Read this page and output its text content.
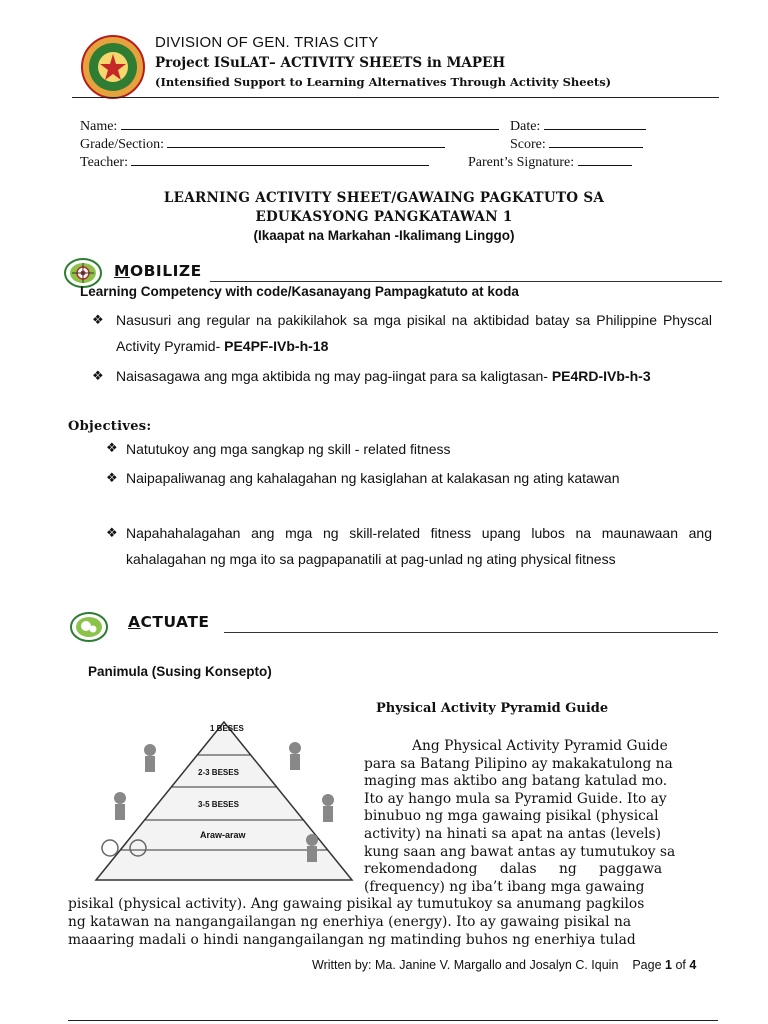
DIVISION OF GEN. TRIAS CITY
Project ISuLAT– ACTIVITY SHEETS in MAPEH
(Intensified Support to Learning Alternatives Through Activity Sheets)
Name:	Date:
Grade/Section:	Score:
Teacher:	Parent’s Signature:
LEARNING ACTIVITY SHEET/GAWAING PAGKATUTO SA
EDUKASYONG PANGKATAWAN 1
(Ikaapat na Markahan -Ikalimang Linggo)
MOBILIZE
Learning Competency with code/Kasanayang Pampagkatuto at koda
❖ Nasusuri ang regular na pakikilahok sa mga pisikal na aktibidad batay sa Philippine Physcal Activity Pyramid- PE4PF-IVb-h-18
❖ Naisasagawa ang mga aktibida ng may pag-iingat para sa kaligtasan- PE4RD-IVb-h-3
Objectives:
❖ Natutukoy ang mga sangkap ng skill - related fitness
❖ Naipapaliwanag ang kahalagahan ng kasiglahan at kalakasan ng ating katawan
❖ Napahahalagahan ang mga ng skill-related fitness upang lubos na maunawaan ang kahalagahan ng mga ito sa pagpapanatili at pag-unlad ng ating physical fitness
ACTUATE
Panimula (Susing Konsepto)
Physical Activity Pyramid Guide
1 BESES
2-3 BESES
3-5 BESES
Araw-araw
Ang Physical Activity Pyramid Guide
para sa Batang Pilipino ay makakatulong na
maging mas aktibo ang batang katulad mo.
Ito ay hango mula sa Pyramid Guide. Ito ay
binubuo ng mga gawaing pisikal (physical
activity) na hinati sa apat na antas (levels)
kung saan ang bawat antas ay tumutukoy sa
rekomendadong dalas ng paggawa
(frequency) ng iba’t ibang mga gawaing
pisikal (physical activity). Ang gawaing pisikal ay tumutukoy sa anumang pagkilos
ng katawan na nangangailangan ng enerhiya (energy). Ito ay gawaing pisikal na
maaaring madali o hindi nangangailangan ng matinding buhos ng enerhiya tulad
Written by: Ma. Janine V. Margallo and Josalyn C. Iquin Page 1 of 4
